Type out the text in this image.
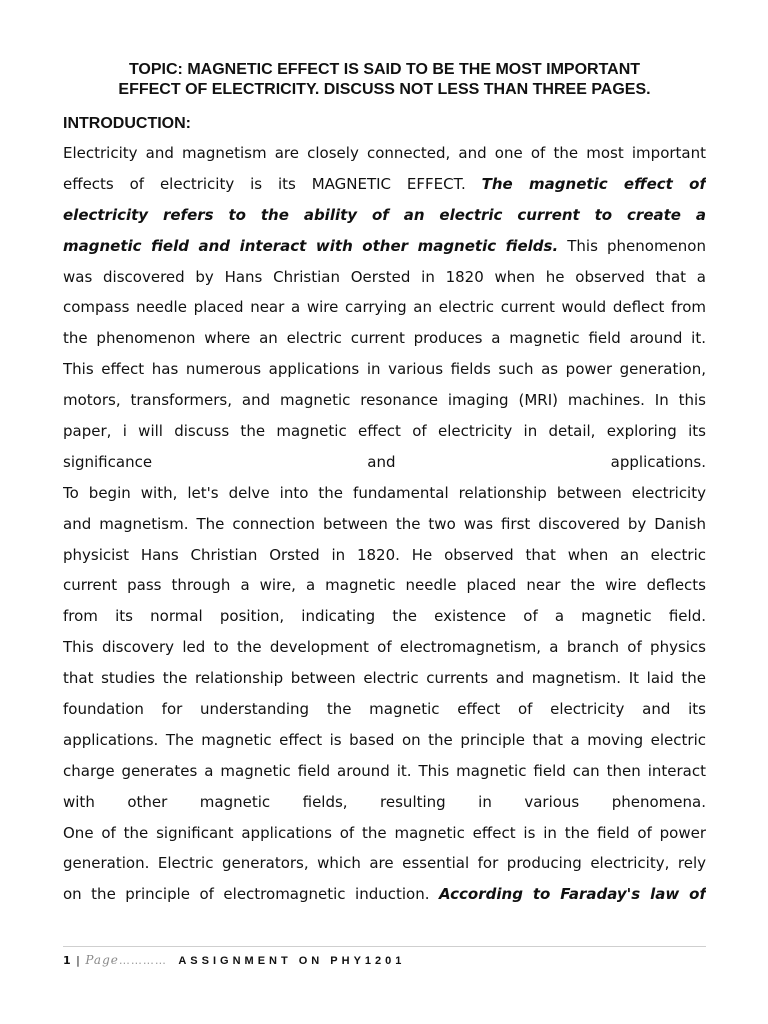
TOPIC: MAGNETIC EFFECT IS SAID TO BE THE MOST IMPORTANT
EFFECT OF ELECTRICITY. DISCUSS NOT LESS THAN THREE PAGES.
INTRODUCTION:
Electricity and magnetism are closely connected, and one of the most important
effects of electricity is its MAGNETIC EFFECT. The magnetic effect of
electricity refers to the ability of an electric current to create a
magnetic field and interact with other magnetic fields. This phenomenon
was discovered by Hans Christian Oersted in 1820 when he observed that a
compass needle placed near a wire carrying an electric current would deflect from
the phenomenon where an electric current produces a magnetic field around it.
This effect has numerous applications in various fields such as power generation,
motors, transformers, and magnetic resonance imaging (MRI) machines. In this
paper, i will discuss the magnetic effect of electricity in detail, exploring its
significance and applications.
To begin with, let's delve into the fundamental relationship between electricity
and magnetism. The connection between the two was first discovered by Danish
physicist Hans Christian Orsted in 1820. He observed that when an electric
current pass through a wire, a magnetic needle placed near the wire deflects
from its normal position, indicating the existence of a magnetic field.
This discovery led to the development of electromagnetism, a branch of physics
that studies the relationship between electric currents and magnetism. It laid the
foundation for understanding the magnetic effect of electricity and its
applications. The magnetic effect is based on the principle that a moving electric
charge generates a magnetic field around it. This magnetic field can then interact
with other magnetic fields, resulting in various phenomena.
One of the significant applications of the magnetic effect is in the field of power
generation. Electric generators, which are essential for producing electricity, rely
on the principle of electromagnetic induction. According to Faraday's law of
1 | Page………… ASSIGNMENT ON PHY1201
